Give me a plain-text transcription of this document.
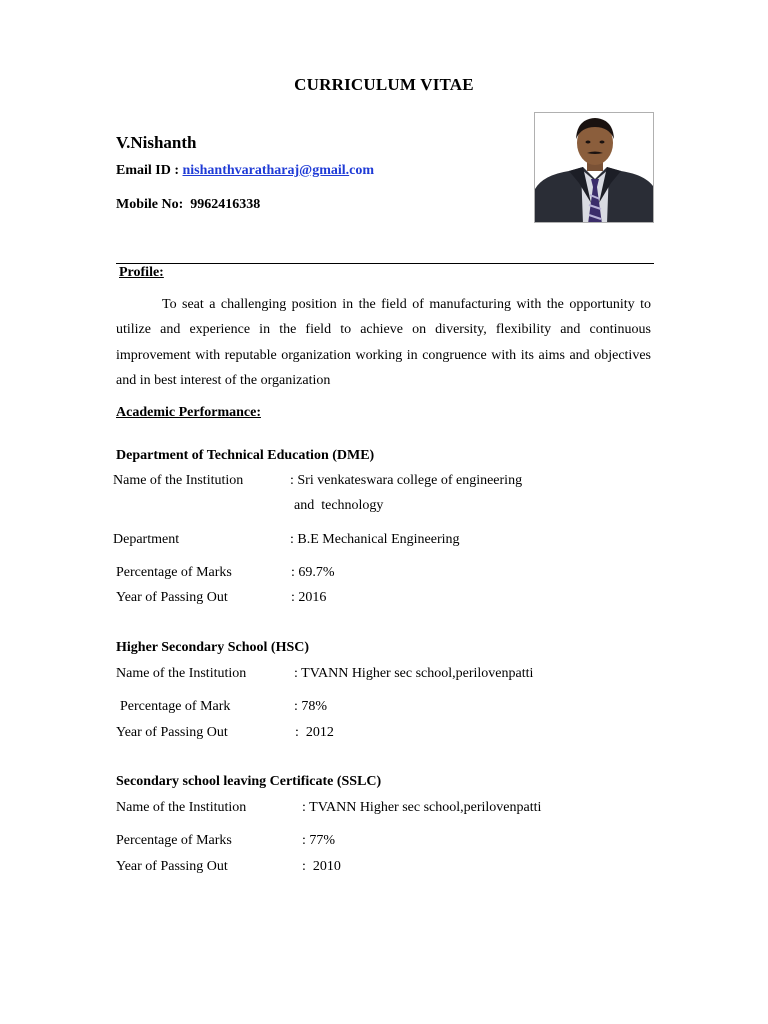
CURRICULUM VITAE
V.Nishanth
Email ID : nishanthvaratharaj@gmail.com
Mobile No: 9962416338
Profile:
To seat a challenging position in the field of manufacturing with the opportunity to utilize and experience in the field to achieve on diversity, flexibility and continuous improvement with reputable organization working in congruence with its aims and objectives and in best interest of the organization
Academic Performance:
Department of Technical Education (DME)
Name of the Institution	: Sri venkateswara college of engineering
and  technology
Department	: B.E Mechanical Engineering
Percentage of Marks	: 69.7%
Year of Passing Out	: 2016
Higher Secondary School (HSC)
Name of the Institution	: TVANN Higher sec school,perilovenpatti
Percentage of Mark	: 78%
Year of Passing Out	:  2012
Secondary school leaving Certificate (SSLC)
Name of the Institution	: TVANN Higher sec school,perilovenpatti
Percentage of Marks	: 77%
Year of Passing Out	:  2010
